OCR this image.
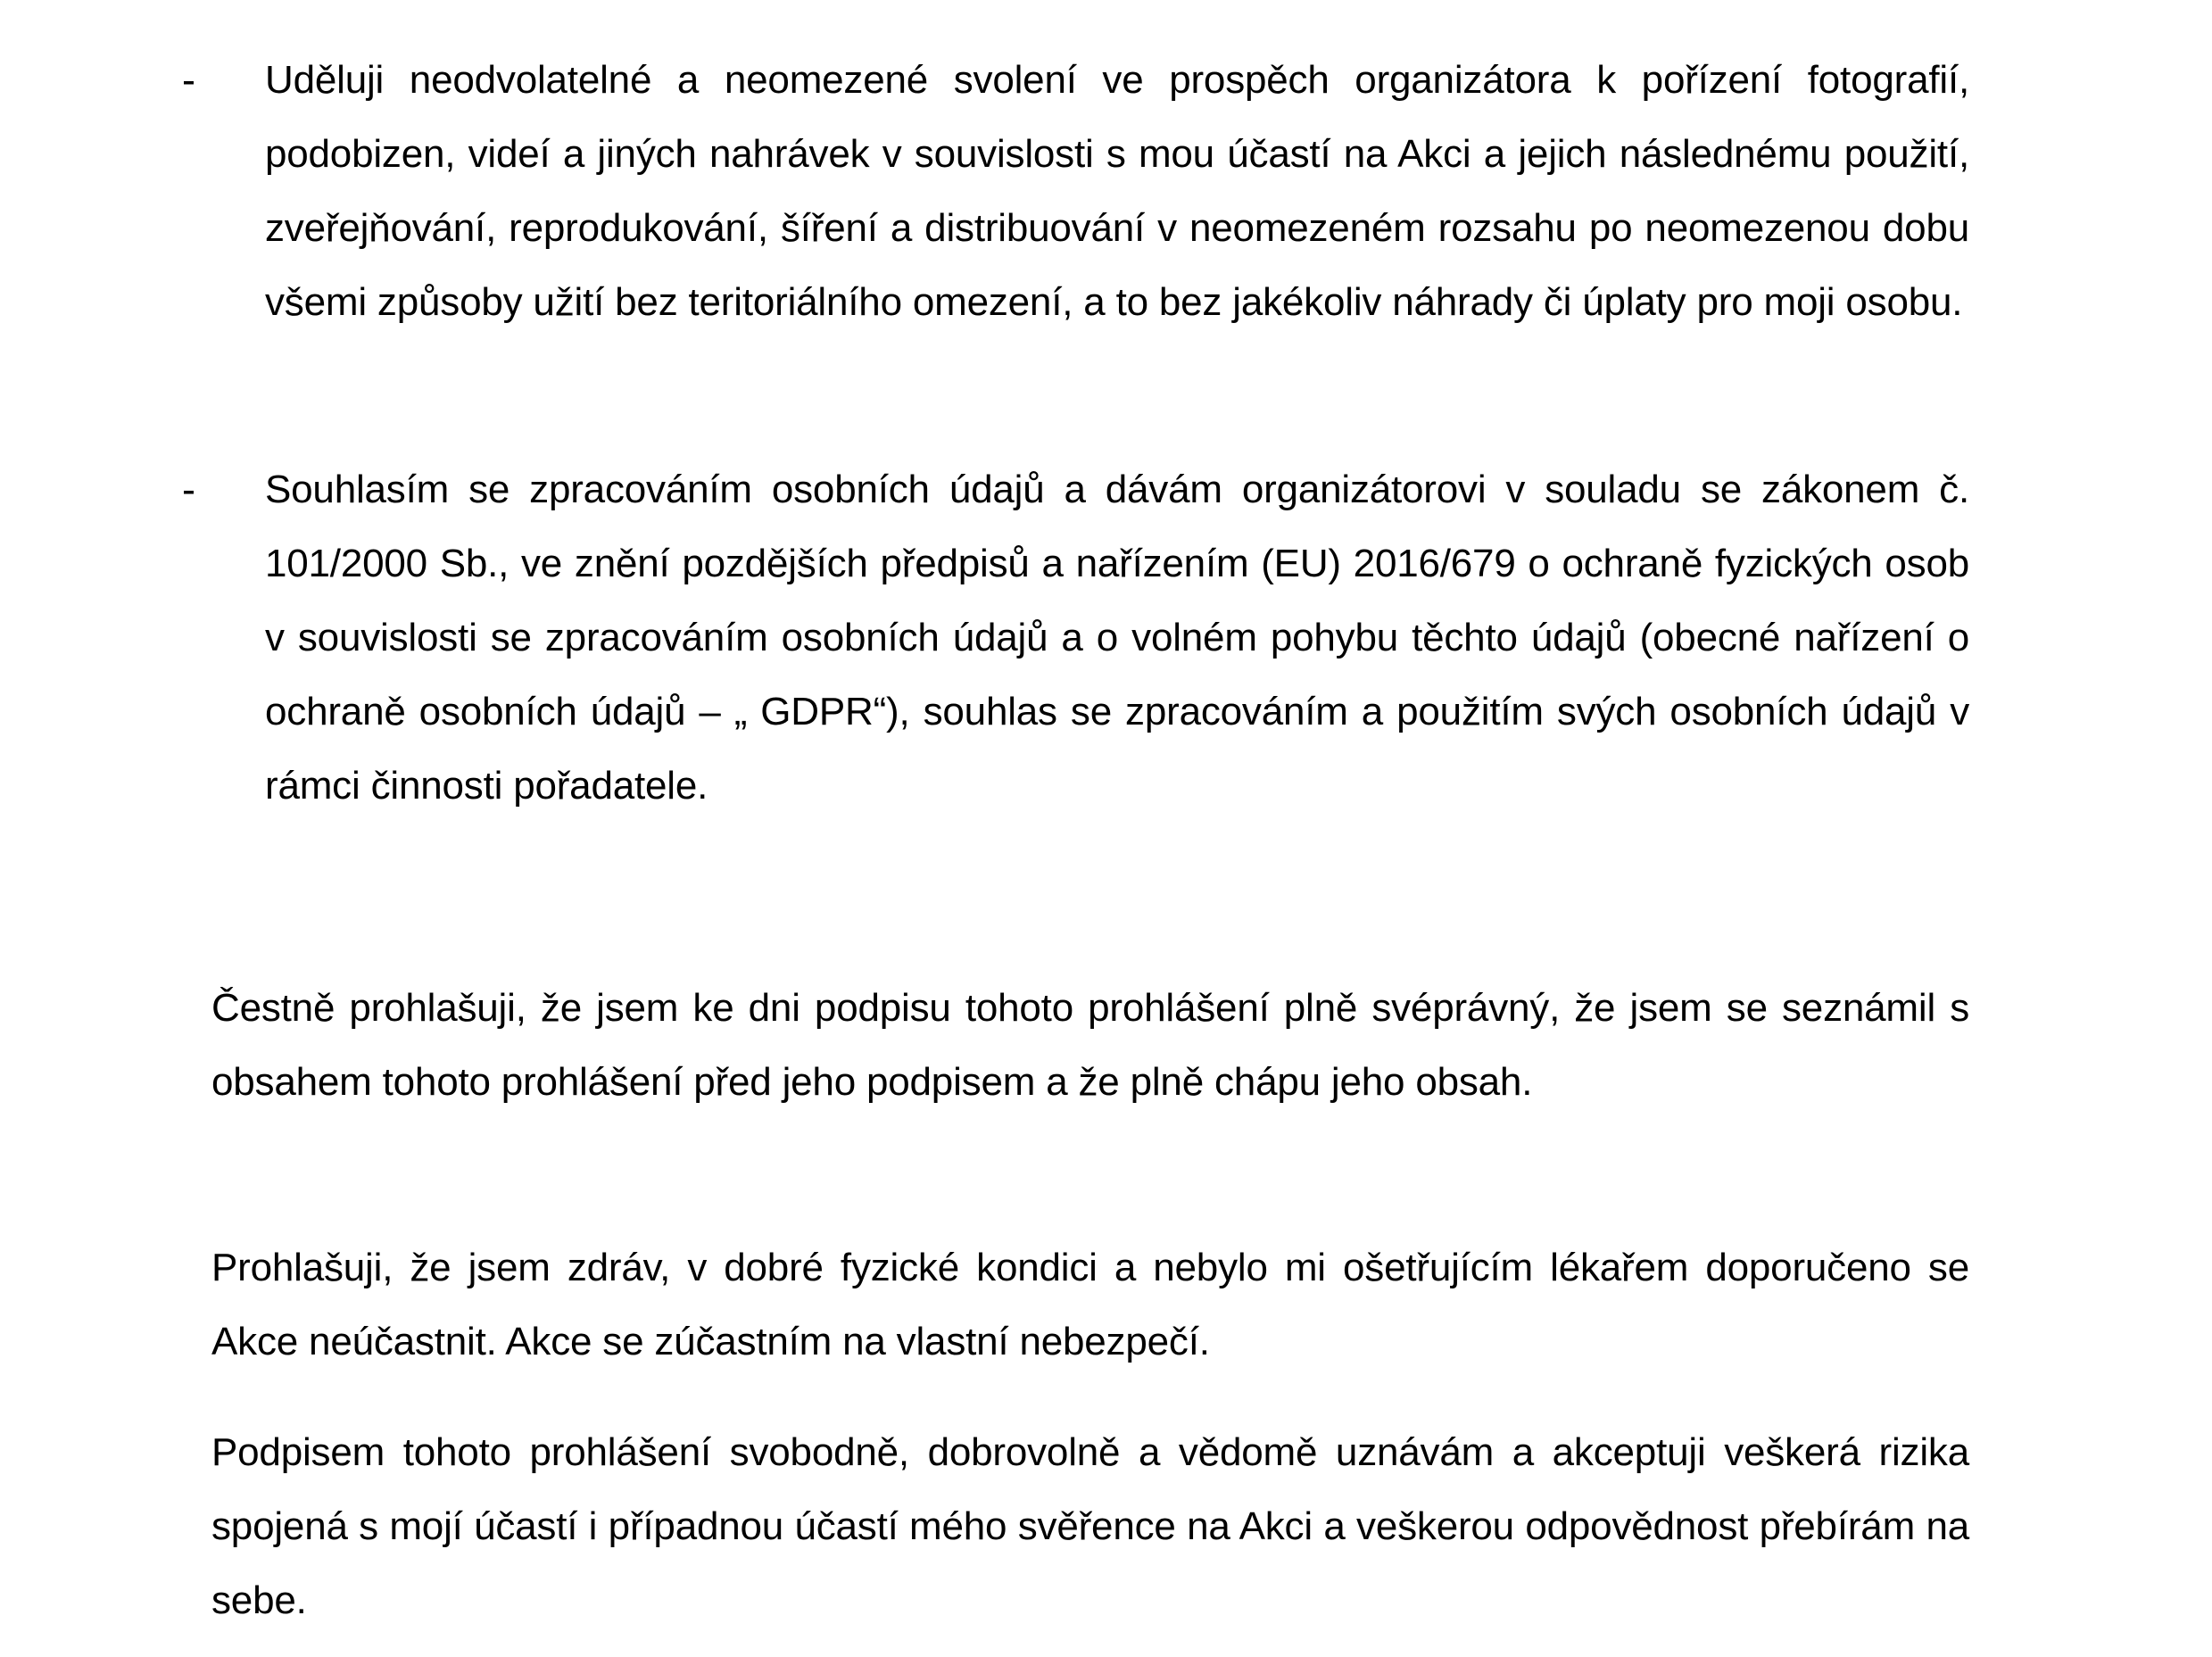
- Uděluji neodvolatelné a neomezené svolení ve prospěch organizátora k pořízení fotografií, podobizen, videí a jiných nahrávek v souvislosti s mou účastí na Akci a jejich následnému použití, zveřejňování, reprodukování, šíření a distribuování v neomezeném rozsahu po neomezenou dobu všemi způsoby užití bez teritoriálního omezení, a to bez jakékoliv náhrady či úplaty pro moji osobu.
- Souhlasím se zpracováním osobních údajů a dávám organizátorovi v souladu se zákonem č. 101/2000 Sb., ve znění pozdějších předpisů a nařízením (EU) 2016/679 o ochraně fyzických osob v souvislosti se zpracováním osobních údajů a o volném pohybu těchto údajů (obecné nařízení o ochraně osobních údajů – „ GDPR“), souhlas se zpracováním a použitím svých osobních údajů v rámci činnosti pořadatele.

Čestně prohlašuji, že jsem ke dni podpisu tohoto prohlášení plně svéprávný, že jsem se seznámil s obsahem tohoto prohlášení před jeho podpisem a že plně chápu jeho obsah.

Prohlašuji, že jsem zdráv, v dobré fyzické kondici a nebylo mi ošetřujícím lékařem doporučeno se Akce neúčastnit. Akce se zúčastním na vlastní nebezpečí.

Podpisem tohoto prohlášení svobodně, dobrovolně a vědomě uznávám a akceptuji veškerá rizika spojená s mojí účastí i případnou účastí mého svěřence na Akci a veškerou odpovědnost přebírám na sebe.
